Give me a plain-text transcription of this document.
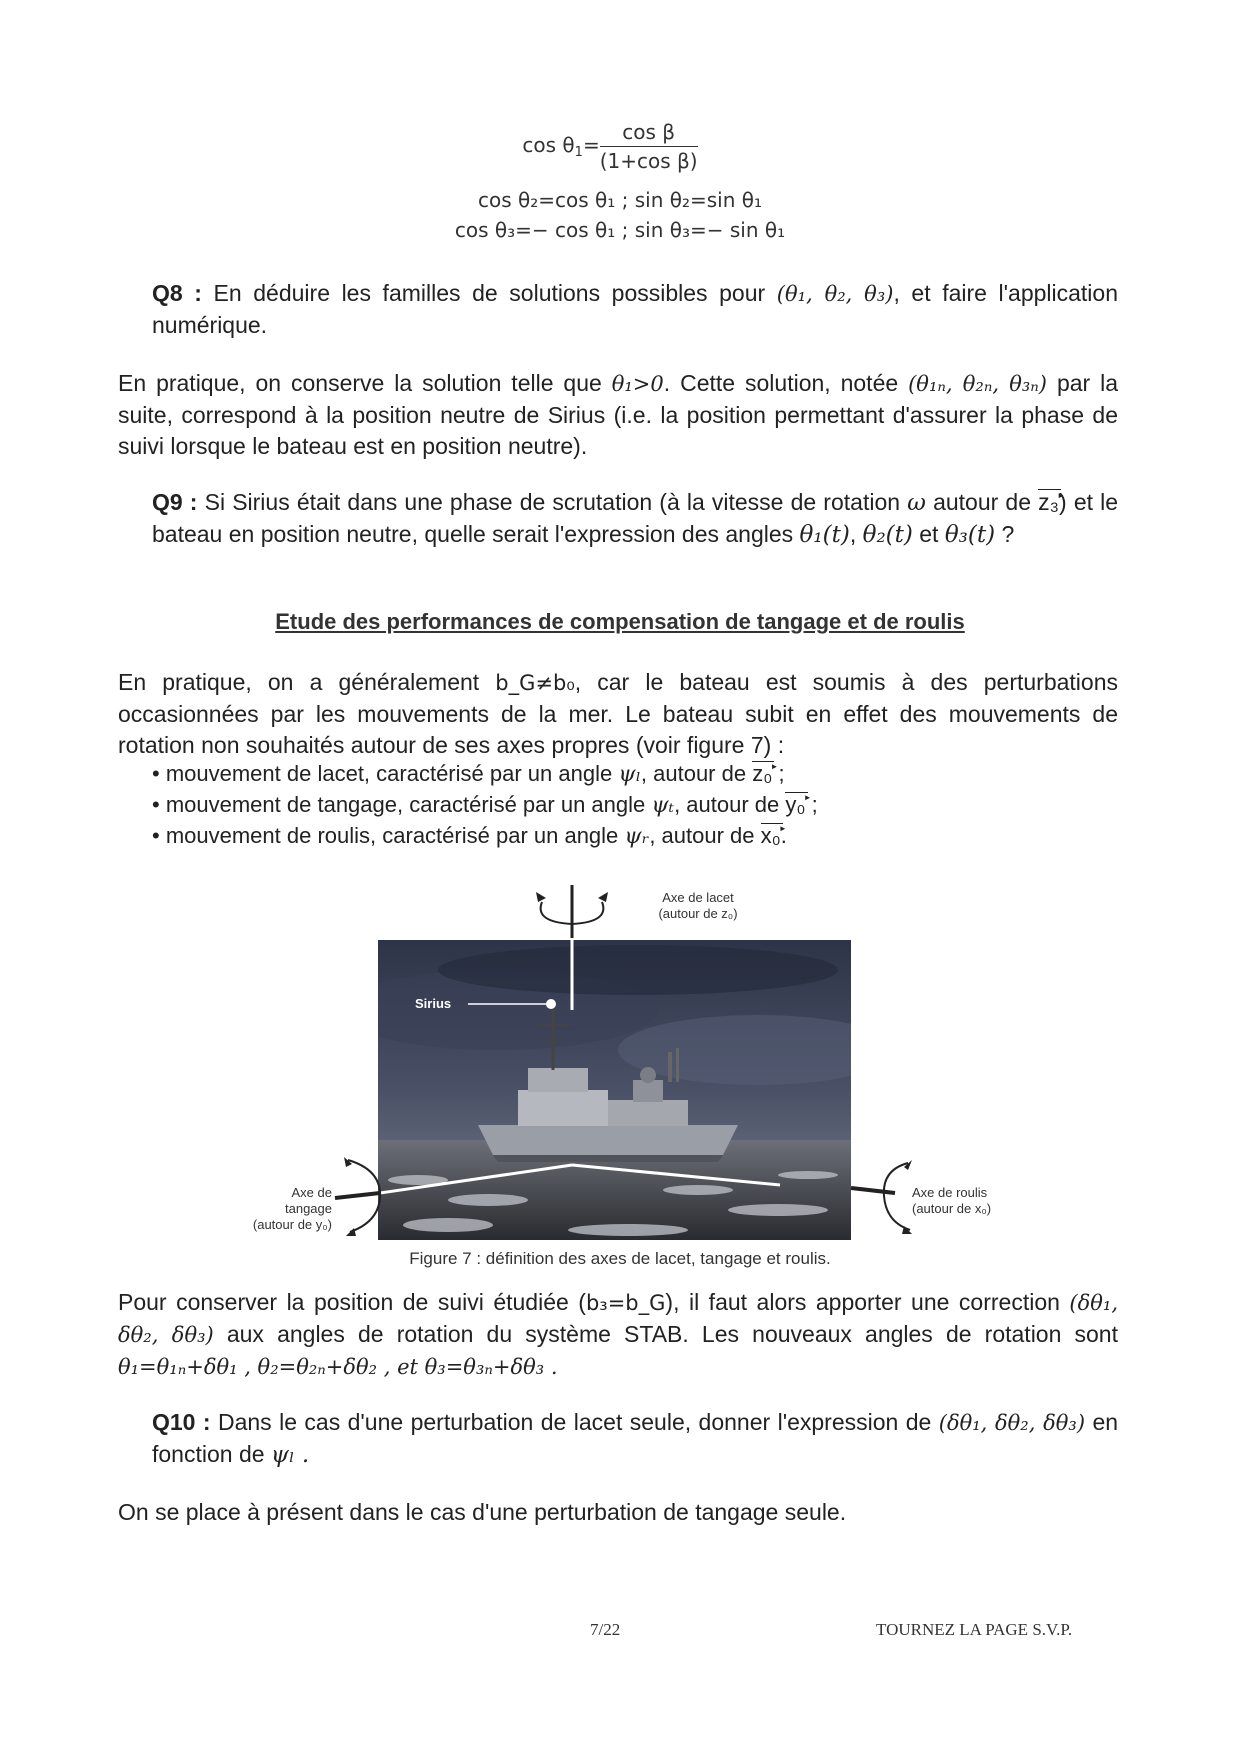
$\cos \theta_1= \frac{\text{cos β}}{\text{(1+cos β)}}$
cos θ₂=cos θ₁ ; sin θ₂=sin θ₁
cos θ₃=− cos θ₁ ; sin θ₃=− sin θ₁
Q8 : En déduire les familles de solutions possibles pour (θ₁, θ₂, θ₃), et faire l'application numérique.
En pratique, on conserve la solution telle que θ₁>0. Cette solution, notée (θ₁ₙ, θ₂ₙ, θ₃ₙ) par la suite, correspond à la position neutre de Sirius (i.e. la position permettant d'assurer la phase de suivi lorsque le bateau est en position neutre).
Q9 : Si Sirius était dans une phase de scrutation (à la vitesse de rotation ω autour de ► z₃) et le bateau en position neutre, quelle serait l'expression des angles θ₁(t), θ₂(t) et θ₃(t) ?
Etude des performances de compensation de tangage et de roulis
En pratique, on a généralement b_G≠b₀, car le bateau est soumis à des perturbations occasionnées par les mouvements de la mer. Le bateau subit en effet des mouvements de rotation non souhaités autour de ses axes propres (voir figure 7) :
• mouvement de lacet, caractérisé par un angle ψₗ, autour de ► z₀ ;
• mouvement de tangage, caractérisé par un angle ψₜ, autour de ► y₀ ;
• mouvement de roulis, caractérisé par un angle ψᵣ, autour de ► x₀.
Axe de lacet
(autour de z₀)
Sirius
Axe de
tangage
(autour de y₀)
Axe de roulis
(autour de x₀)
Figure 7 : définition des axes de lacet, tangage et roulis.
Pour conserver la position de suivi étudiée (b₃=b_G), il faut alors apporter une correction (δθ₁, δθ₂, δθ₃) aux angles de rotation du système STAB. Les nouveaux angles de rotation sont θ₁=θ₁ₙ+δθ₁ , θ₂=θ₂ₙ+δθ₂ , et θ₃=θ₃ₙ+δθ₃ .
Q10 : Dans le cas d'une perturbation de lacet seule, donner l'expression de (δθ₁, δθ₂, δθ₃) en fonction de ψₗ .
On se place à présent dans le cas d'une perturbation de tangage seule.
7/22	TOURNEZ LA PAGE S.V.P.
